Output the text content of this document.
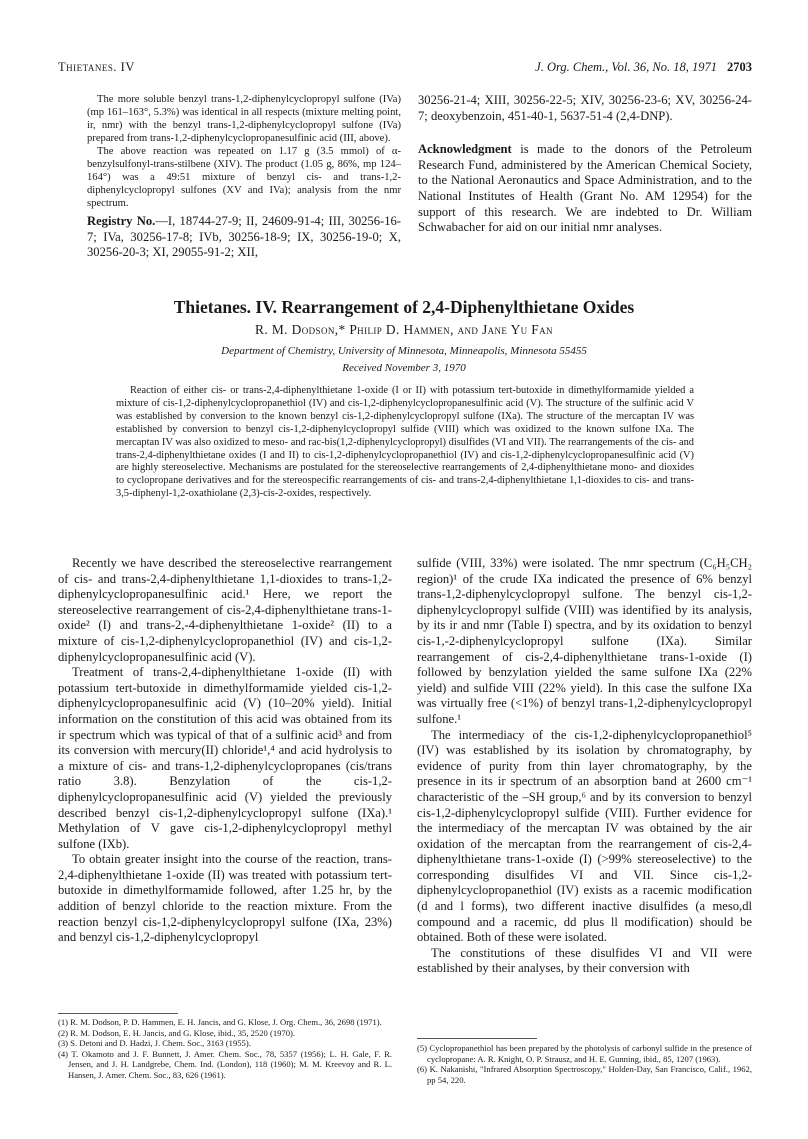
Thietanes. IV	J. Org. Chem., Vol. 36, No. 18, 1971 2703

The more soluble benzyl trans-1,2-diphenylcyclopropyl sulfone (IVa) (mp 161–163°, 5.3%) was identical in all respects (mixture melting point, ir, nmr) with the benzyl trans-1,2-diphenylcyclopropyl sulfone (IVa) prepared from trans-1,2-diphenylcyclopropanesulfinic acid (III, above).

The above reaction was repeated on 1.17 g (3.5 mmol) of α-benzylsulfonyl-trans-stilbene (XIV). The product (1.05 g, 86%, mp 124–164°) was a 49:51 mixture of benzyl cis- and trans-1,2-diphenylcyclopropyl sulfones (XV and IVa); analysis from the nmr spectrum.

Registry No.—I, 18744-27-9; II, 24609-91-4; III, 30256-16-7; IVa, 30256-17-8; IVb, 30256-18-9; IX, 30256-19-0; X, 30256-20-3; XI, 29055-91-2; XII,
30256-21-4; XIII, 30256-22-5; XIV, 30256-23-6; XV, 30256-24-7; deoxybenzoin, 451-40-1, 5637-51-4 (2,4-DNP).
Acknowledgment is made to the donors of the Petroleum Research Fund, administered by the American Chemical Society, to the National Aeronautics and Space Administration, and to the National Institutes of Health (Grant No. AM 12954) for the support of this research. We are indebted to Dr. William Schwabacher for aid on our initial nmr analyses.
Thietanes. IV. Rearrangement of 2,4-Diphenylthietane Oxides
R. M. Dodson,* Philip D. Hammen, and Jane Yu Fan
Department of Chemistry, University of Minnesota, Minneapolis, Minnesota 55455
Received November 3, 1970
Reaction of either cis- or trans-2,4-diphenylthietane 1-oxide (I or II) with potassium tert-butoxide in dimethylformamide yielded a mixture of cis-1,2-diphenylcyclopropanethiol (IV) and cis-1,2-diphenylcyclopropanesulfinic acid (V). The structure of the sulfinic acid V was established by conversion to the known benzyl cis-1,2-diphenylcyclopropyl sulfone (IXa). The structure of the mercaptan IV was established by conversion to benzyl cis-1,2-diphenylcyclopropyl sulfide (VIII) which was oxidized to the known sulfone IXa. The mercaptan IV was also oxidized to meso- and rac-bis(1,2-diphenylcyclopropyl) disulfides (VI and VII). The rearrangements of the cis- and trans-2,4-diphenylthietane oxides (I and II) to cis-1,2-diphenylcyclopropanethiol (IV) and cis-1,2-diphenylcyclopropanesulfinic acid (V) are highly stereoselective. Mechanisms are postulated for the stereoselective rearrangements of 2,4-diphenylthietane mono- and dioxides to cyclopropane derivatives and for the stereospecific rearrangements of cis- and trans-2,4-diphenylthietane 1,1-dioxides to cis- and trans-3,5-diphenyl-1,2-oxathiolane (2,3)-cis-2-oxides, respectively.

Recently we have described the stereoselective rearrangement of cis- and trans-2,4-diphenylthietane 1,1-dioxides to trans-1,2-diphenylcyclopropanesulfinic acid.¹ Here, we report the stereoselective rearrangement of cis-2,4-diphenylthietane trans-1-oxide² (I) and trans-2,-4-diphenylthietane 1-oxide² (II) to a mixture of cis-1,2-diphenylcyclopropanethiol (IV) and cis-1,2-diphenylcyclopropanesulfinic acid (V).

Treatment of trans-2,4-diphenylthietane 1-oxide (II) with potassium tert-butoxide in dimethylformamide yielded cis-1,2-diphenylcyclopropanesulfinic acid (V) (10–20% yield). Initial information on the constitution of this acid was obtained from its ir spectrum which was typical of that of a sulfinic acid³ and from its conversion with mercury(II) chloride¹,⁴ and acid hydrolysis to a mixture of cis- and trans-1,2-diphenylcyclopropanes (cis/trans ratio 3.8). Benzylation of the cis-1,2-diphenylcyclopropanesulfinic acid (V) yielded the previously described benzyl cis-1,2-diphenylcyclopropyl sulfone (IXa).¹ Methylation of V gave cis-1,2-diphenylcyclopropyl methyl sulfone (IXb).

To obtain greater insight into the course of the reaction, trans-2,4-diphenylthietane 1-oxide (II) was treated with potassium tert-butoxide in dimethylformamide followed, after 1.25 hr, by the addition of benzyl chloride to the reaction mixture. From the reaction benzyl cis-1,2-diphenylcyclopropyl sulfone (IXa, 23%) and benzyl cis-1,2-diphenylcyclopropyl

sulfide (VIII, 33%) were isolated. The nmr spectrum (C₆H₅CH₂ region)¹ of the crude IXa indicated the presence of 6% benzyl trans-1,2-diphenylcyclopropyl sulfone. The benzyl cis-1,2-diphenylcyclopropyl sulfide (VIII) was identified by its analysis, by its ir and nmr (Table I) spectra, and by its oxidation to benzyl cis-1,-2-diphenylcyclopropyl sulfone (IXa). Similar rearrangement of cis-2,4-diphenylthietane trans-1-oxide (I) followed by benzylation yielded the same sulfone IXa (22% yield) and sulfide VIII (22% yield). In this case the sulfone IXa was virtually free (<1%) of benzyl trans-1,2-diphenylcyclopropyl sulfone.¹

The intermediacy of the cis-1,2-diphenylcyclopropanethiol⁵ (IV) was established by its isolation by chromatography, by evidence of purity from thin layer chromatography, by the presence in its ir spectrum of an absorption band at 2600 cm⁻¹ characteristic of the –SH group,⁶ and by its conversion to benzyl cis-1,2-diphenylcyclopropyl sulfide (VIII). Further evidence for the intermediacy of the mercaptan IV was obtained by the air oxidation of the mercaptan from the rearrangement of cis-2,4-diphenylthietane trans-1-oxide (I) (>99% stereoselective) to the corresponding disulfides VI and VII. Since cis-1,2-diphenylcyclopropanethiol (IV) exists as a racemic modification (d and l forms), two different inactive disulfides (a meso,dl compound and a racemic, dd plus ll modification) should be obtained. Both of these were isolated.

The constitutions of these disulfides VI and VII were established by their analyses, by their conversion with

(1) R. M. Dodson, P. D. Hammen, E. H. Jancis, and G. Klose, J. Org. Chem., 36, 2698 (1971).

(2) R. M. Dodson, E. H. Jancis, and G. Klose, ibid., 35, 2520 (1970).

(3) S. Detoni and D. Hadzi, J. Chem. Soc., 3163 (1955).

(4) T. Okamoto and J. F. Bunnett, J. Amer. Chem. Soc., 78, 5357 (1956); L. H. Gale, F. R. Jensen, and J. H. Landgrebe, Chem. Ind. (London), 118 (1960); M. M. Kreevoy and R. L. Hansen, J. Amer. Chem. Soc., 83, 626 (1961).

(5) Cyclopropanethiol has been prepared by the photolysis of carbonyl sulfide in the presence of cyclopropane: A. R. Knight, O. P. Strausz, and H. E. Gunning, ibid., 85, 1207 (1963).

(6) K. Nakanishi, "Infrared Absorption Spectroscopy," Holden-Day, San Francisco, Calif., 1962, pp 54, 220.
